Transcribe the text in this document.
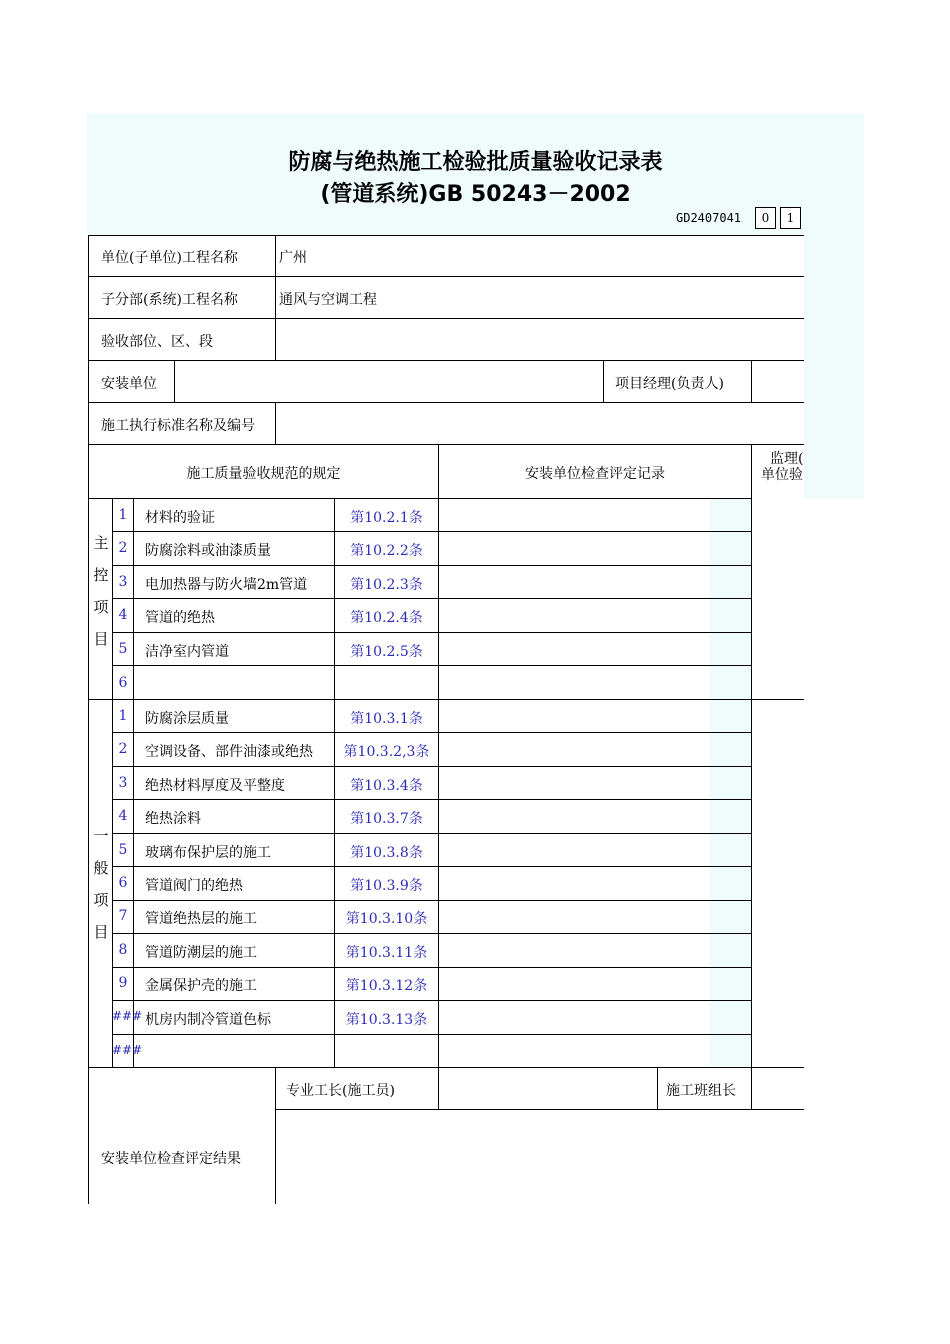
防腐与绝热施工检验批质量验收记录表
(管道系统)GB 50243－2002
GD2407041	0	1
单位(子单位)工程名称	广州
子分部(系统)工程名称	通风与空调工程
验收部位、区、段
安装单位	项目经理(负责人)
施工执行标准名称及编号
施工质量验收规范的规定	安装单位检查评定记录
监理(
单位验
主
控
项
目
1	材料的验证	第10.2.1条
2	防腐涂料或油漆质量	第10.2.2条
3	电加热器与防火墙2m管道	第10.2.3条
4	管道的绝热	第10.2.4条
5	洁净室内管道	第10.2.5条
6
一
般
项
目
1	防腐涂层质量	第10.3.1条
2	空调设备、部件油漆或绝热	第10.3.2,3条
3	绝热材料厚度及平整度	第10.3.4条
4	绝热涂料	第10.3.7条
5	玻璃布保护层的施工	第10.3.8条
6	管道阀门的绝热	第10.3.9条
7	管道绝热层的施工	第10.3.10条
8	管道防潮层的施工	第10.3.11条
9	金属保护壳的施工	第10.3.12条
### 机房内制冷管道色标	第10.3.13条
###
专业工长(施工员)	施工班组长
安装单位检查评定结果
